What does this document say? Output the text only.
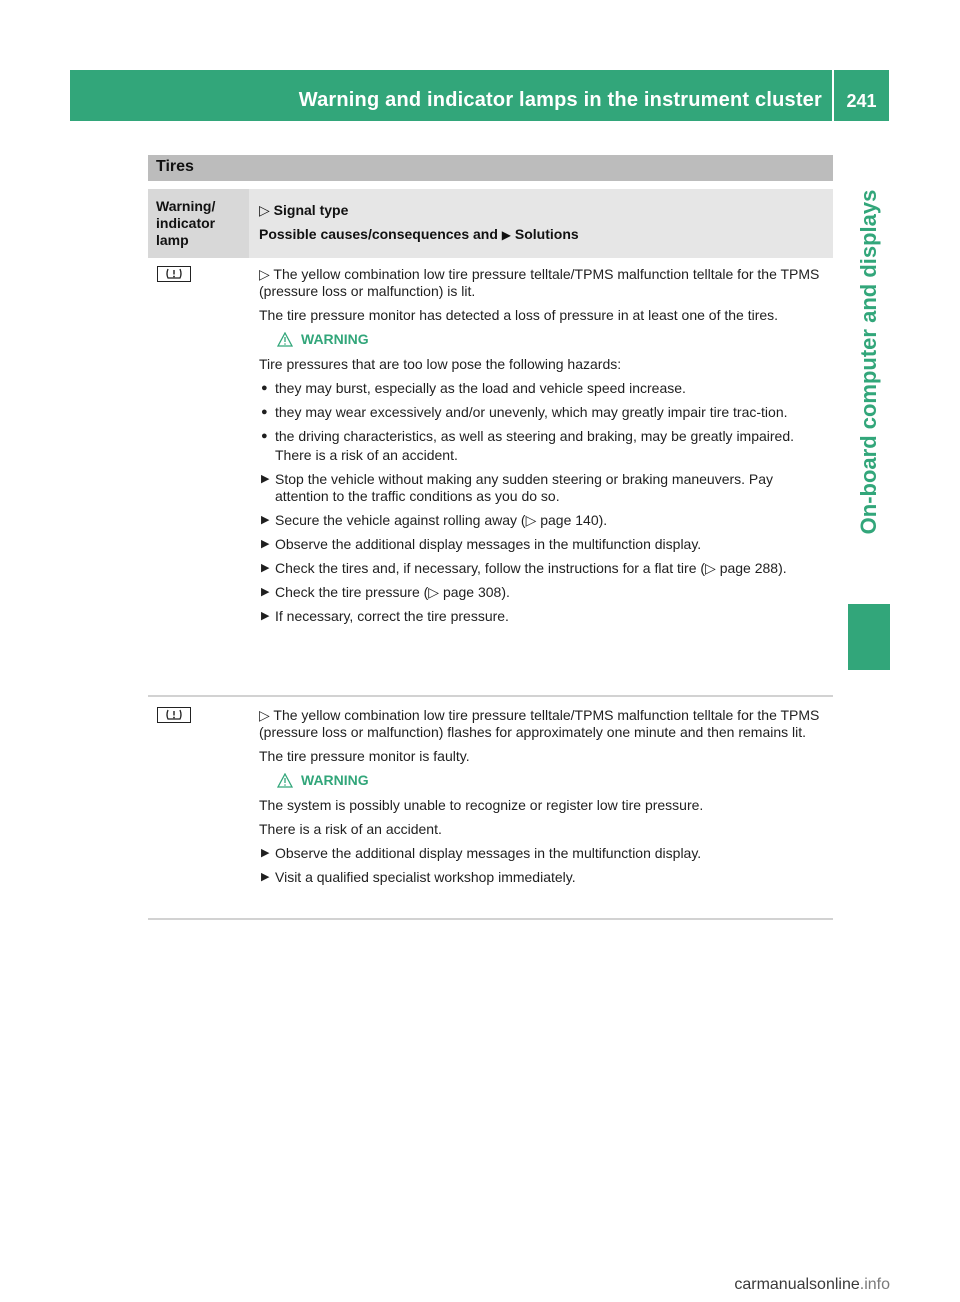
Warning and indicator lamps in the instrument cluster	241
On-board computer and displays
Tires
Warning/ indicator lamp
▷ Signal type
Possible causes/consequences and ▶ Solutions

▷ The yellow combination low tire pressure telltale/TPMS malfunction telltale for the TPMS (pressure loss or malfunction) is lit.

The tire pressure monitor has detected a loss of pressure in at least one of the tires.

WARNING

Tire pressures that are too low pose the following hazards:

● they may burst, especially as the load and vehicle speed increase.
● they may wear excessively and/or unevenly, which may greatly impair tire trac-tion.
● the driving characteristics, as well as steering and braking, may be greatly impaired.
There is a risk of an accident.
▶ Stop the vehicle without making any sudden steering or braking maneuvers. Pay attention to the traffic conditions as you do so.
▶ Secure the vehicle against rolling away (▷ page 140).
▶ Observe the additional display messages in the multifunction display.
▶ Check the tires and, if necessary, follow the instructions for a flat tire (▷ page 288).
▶ Check the tire pressure (▷ page 308).
▶ If necessary, correct the tire pressure.

▷ The yellow combination low tire pressure telltale/TPMS malfunction telltale for the TPMS (pressure loss or malfunction) flashes for approximately one minute and then remains lit.

The tire pressure monitor is faulty.

WARNING

The system is possibly unable to recognize or register low tire pressure.

There is a risk of an accident.

▶ Observe the additional display messages in the multifunction display.
▶ Visit a qualified specialist workshop immediately.
carmanualsonline.info
